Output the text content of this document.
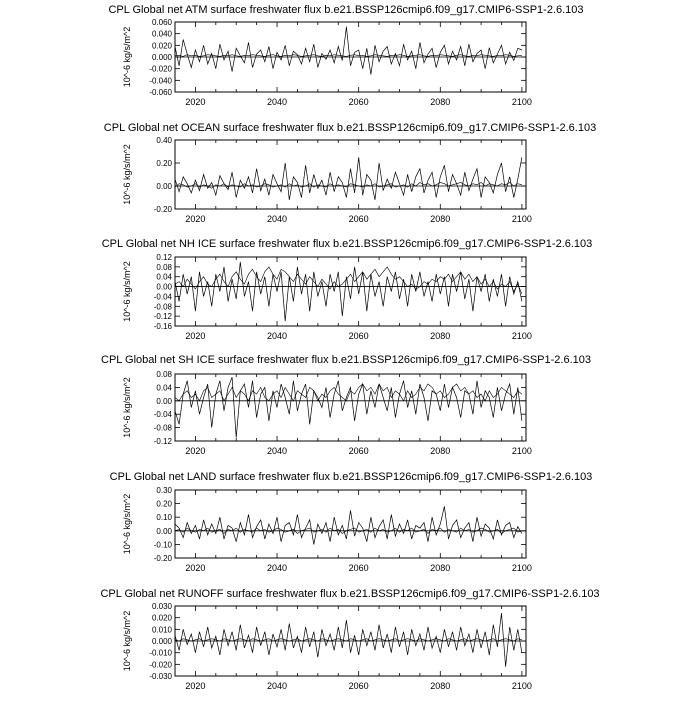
CPL Global net ATM surface freshwater flux b.e21.BSSP126cmip6.f09_g17.CMIP6-SSP1-2.6.103
0.060
0.040
0.020
0.000
-0.020
-0.040
-0.060
2020	2040	2060	2080	2100
10^-6 kg/s/m^2
CPL Global net OCEAN surface freshwater flux b.e21.BSSP126cmip6.f09_g17.CMIP6-SSP1-2.6.103
0.40
0.20
0.00
-0.20
2020	2040	2060	2080	2100
10^-6 kg/s/m^2
CPL Global net NH ICE surface freshwater flux b.e21.BSSP126cmip6.f09_g17.CMIP6-SSP1-2.6.103
0.12
0.08
0.04
0.00
-0.04
-0.08
-0.12
-0.16
2020	2040	2060	2080	2100
10^-6 kg/s/m^2
CPL Global net SH ICE surface freshwater flux b.e21.BSSP126cmip6.f09_g17.CMIP6-SSP1-2.6.103
0.08
0.04
0.00
-0.04
-0.08
-0.12
2020	2040	2060	2080	2100
10^-6 kg/s/m^2
CPL Global net LAND surface freshwater flux b.e21.BSSP126cmip6.f09_g17.CMIP6-SSP1-2.6.103
0.30
0.20
0.10
0.00
-0.10
-0.20
2020	2040	2060	2080	2100
10^-6 kg/s/m^2
CPL Global net RUNOFF surface freshwater flux b.e21.BSSP126cmip6.f09_g17.CMIP6-SSP1-2.6.103
0.030
0.020
0.010
0.000
-0.010
-0.020
-0.030
2020	2040	2060	2080	2100
10^-6 kg/s/m^2
